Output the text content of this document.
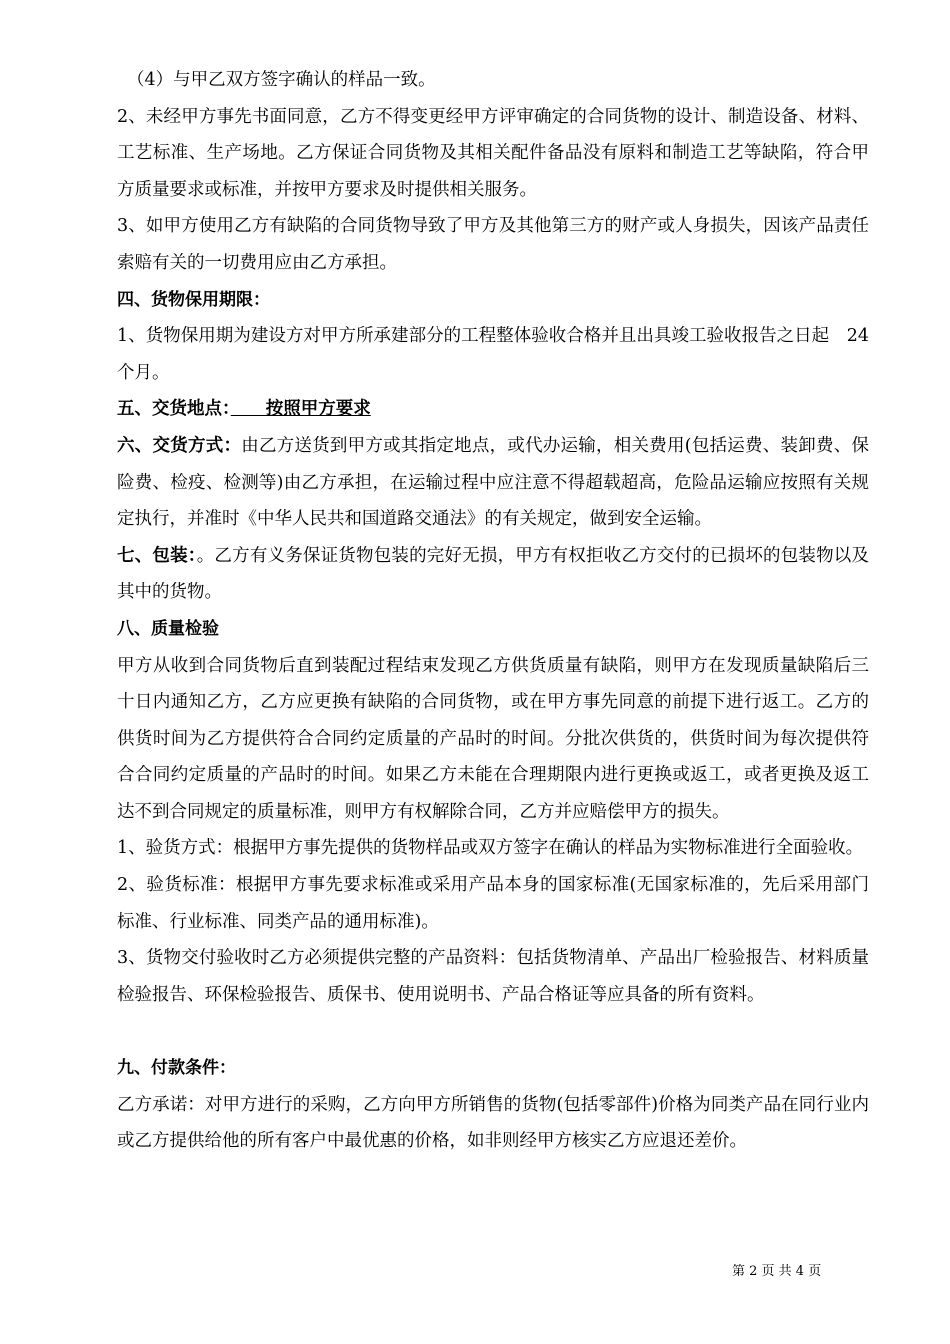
（4）与甲乙双方签字确认的样品一致。

2、未经甲方事先书面同意，乙方不得变更经甲方评审确定的合同货物的设计、制造设备、材料、工艺标准、生产场地。乙方保证合同货物及其相关配件备品没有原料和制造工艺等缺陷，符合甲方质量要求或标准，并按甲方要求及时提供相关服务。

3、如甲方使用乙方有缺陷的合同货物导致了甲方及其他第三方的财产或人身损失，因该产品责任索赔有关的一切费用应由乙方承担。

四、货物保用期限：

1、货物保用期为建设方对甲方所承建部分的工程整体验收合格并且出具竣工验收报告之日起　24　个月。

五、交货地点：　　按照甲方要求

六、交货方式：由乙方送货到甲方或其指定地点，或代办运输，相关费用(包括运费、装卸费、保险费、检疫、检测等)由乙方承担，在运输过程中应注意不得超载超高，危险品运输应按照有关规 定执行，并准时《中华人民共和国道路交通法》的有关规定，做到安全运输。

七、包装：。乙方有义务保证货物包装的完好无损，甲方有权拒收乙方交付的已损坏的包装物以及其中的货物。

八、质量检验

甲方从收到合同货物后直到装配过程结束发现乙方供货质量有缺陷，则甲方在发现质量缺陷后三十日内通知乙方，乙方应更换有缺陷的合同货物，或在甲方事先同意的前提下进行返工。乙方的供货时间为乙方提供符合合同约定质量的产品时的时间。分批次供货的，供货时间为每次提供符合合同约定质量的产品时的时间。如果乙方未能在合理期限内进行更换或返工，或者更换及返工达不到合同规定的质量标准，则甲方有权解除合同，乙方并应赔偿甲方的损失。

1、验货方式：根据甲方事先提供的货物样品或双方签字在确认的样品为实物标准进行全面验收。

2、验货标准：根据甲方事先要求标准或采用产品本身的国家标准(无国家标准的，先后采用部门标准、行业标准、同类产品的通用标准)。

3、货物交付验收时乙方必须提供完整的产品资料：包括货物清单、产品出厂检验报告、材料质量检验报告、环保检验报告、质保书、使用说明书、产品合格证等应具备的所有资料。

九、付款条件：

乙方承诺：对甲方进行的采购，乙方向甲方所销售的货物(包括零部件)价格为同类产品在同行业内或乙方提供给他的所有客户中最优惠的价格，如非则经甲方核实乙方应退还差价。

第 2 页 共 4 页
